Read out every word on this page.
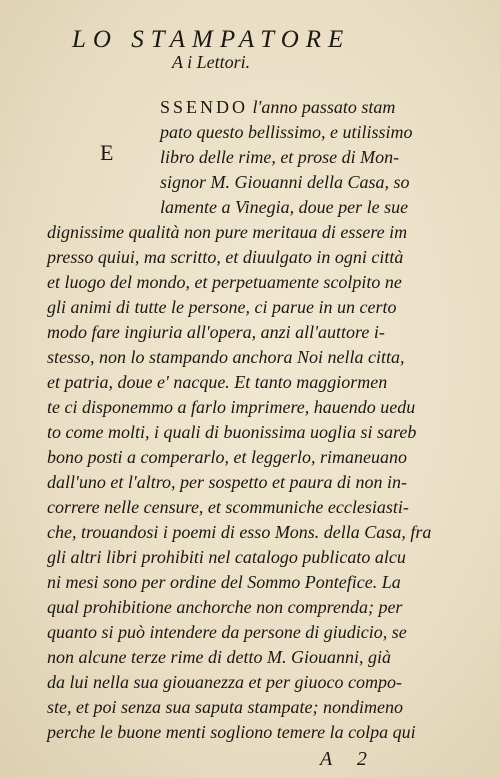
LO STAMPATORE
A i Lettori.
E
SSENDO l'anno passato stam
pato questo bellissimo, e utilissimo
libro delle rime, et prose di Mon-
signor M. Giouanni della Casa, so
lamente a Vinegia, doue per le sue
dignissime qualità non pure meritaua di essere im
presso quiui, ma scritto, et diuulgato in ogni città
et luogo del mondo, et perpetuamente scolpito ne
gli animi di tutte le persone, ci parue in un certo
modo fare ingiuria all'opera, anzi all'auttore i-
stesso, non lo stampando anchora Noi nella citta,
et patria, doue e' nacque. Et tanto maggiormen
te ci disponemmo a farlo imprimere, hauendo uedu
to come molti, i quali di buonissima uoglia si sareb
bono posti a comperarlo, et leggerlo, rimaneuano
dall'uno et l'altro, per sospetto et paura di non in-
correre nelle censure, et scommuniche ecclesiasti-
che, trouandosi i poemi di esso Mons. della Casa, fra
gli altri libri prohibiti nel catalogo publicato alcu
ni mesi sono per ordine del Sommo Pontefice. La
qual prohibitione anchorche non comprenda; per
quanto si può intendere da persone di giudicio, se
non alcune terze rime di detto M. Giouanni, già
da lui nella sua giouanezza et per giuoco compo-
ste, et poi senza sua saputa stampate; nondimeno
perche le buone menti sogliono temere la colpa qui
A 2
